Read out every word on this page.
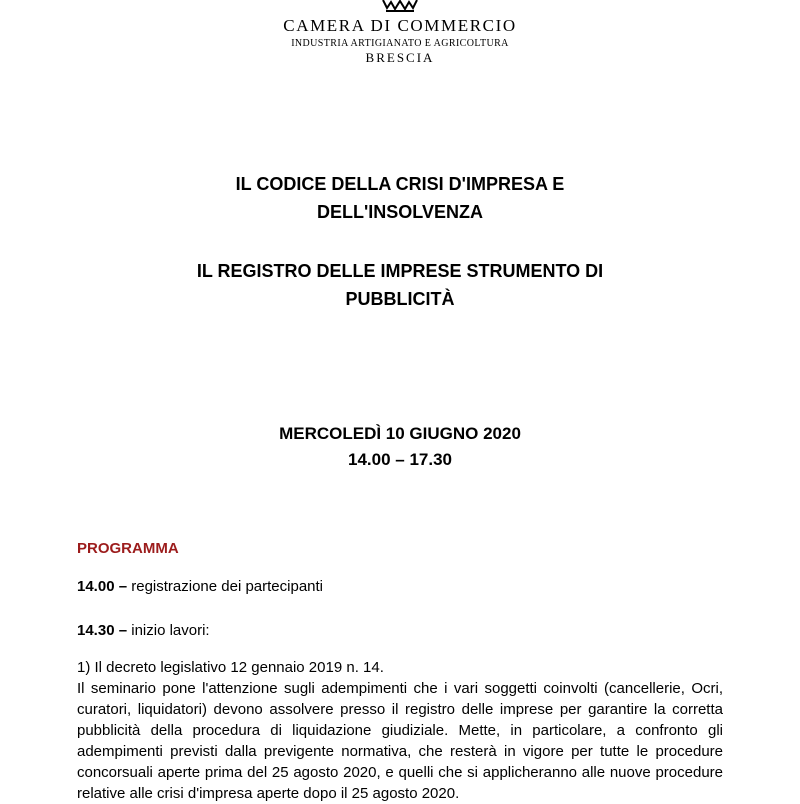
CAMERA DI COMMERCIO
INDUSTRIA ARTIGIANATO E AGRICOLTURA
BRESCIA
IL CODICE DELLA CRISI D'IMPRESA E DELL'INSOLVENZA
IL REGISTRO DELLE IMPRESE STRUMENTO DI PUBBLICITÀ
MERCOLEDÌ 10 GIUGNO 2020
14.00 – 17.30
PROGRAMMA
14.00 – registrazione dei partecipanti
14.30 – inizio lavori:
1) Il decreto legislativo 12 gennaio 2019 n. 14.
Il seminario pone l'attenzione sugli adempimenti che i vari soggetti coinvolti (cancellerie, Ocri, curatori, liquidatori) devono assolvere presso il registro delle imprese per garantire la corretta pubblicità della procedura di liquidazione giudiziale. Mette, in particolare, a confronto gli adempimenti previsti dalla previgente normativa, che resterà in vigore per tutte le procedure concorsuali aperte prima del 25 agosto 2020, e quelli che si applicheranno alle nuove procedure relative alle crisi d'impresa aperte dopo il 25 agosto 2020.
